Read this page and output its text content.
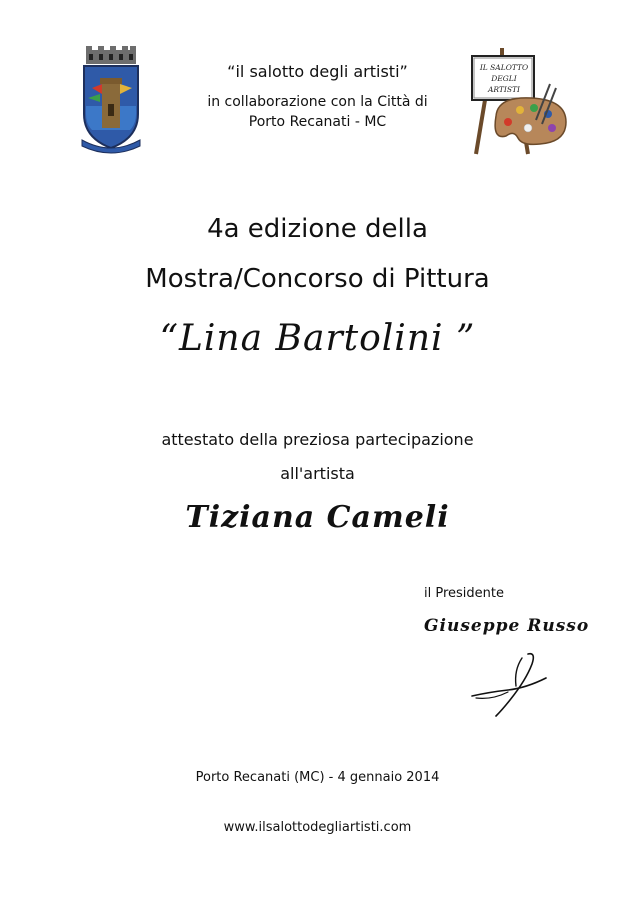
IL SALOTTO DEGLI ARTISTI
“il salotto degli artisti”
in collaborazione con la Città di
Porto Recanati - MC
4a edizione della
Mostra/Concorso di Pittura
“Lina Bartolini ”
attestato della preziosa partecipazione
all'artista
Tiziana Cameli
il Presidente
Giuseppe Russo
Porto Recanati (MC) - 4 gennaio 2014
www.ilsalottodegliartisti.com
